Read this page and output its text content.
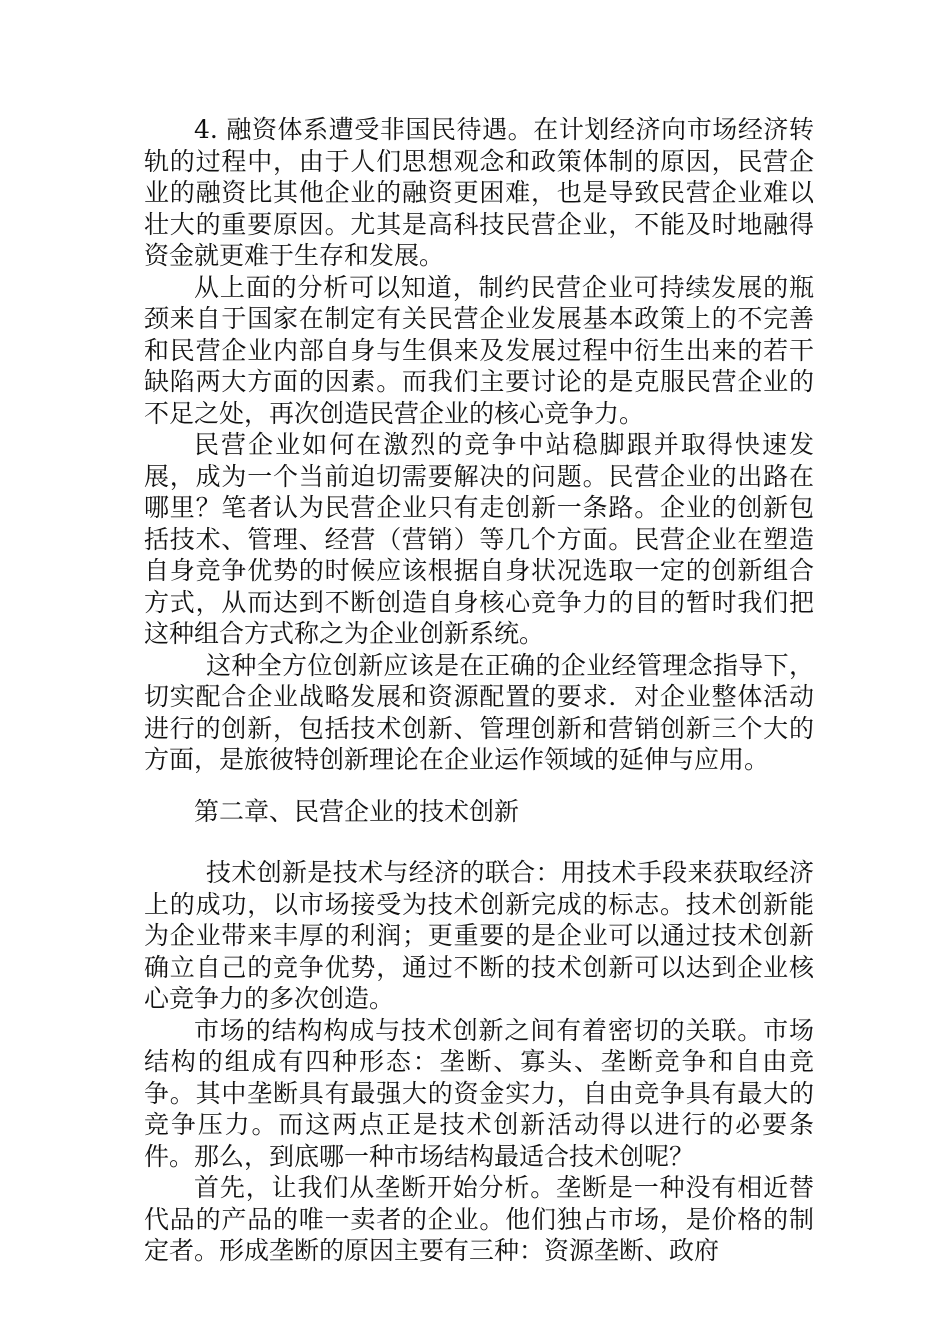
4. 融资体系遭受非国民待遇。在计划经济向市场经济转轨的过程中，由于人们思想观念和政策体制的原因，民营企业的融资比其他企业的融资更困难，也是导致民营企业难以壮大的重要原因。尤其是高科技民营企业，不能及时地融得资金就更难于生存和发展。

从上面的分析可以知道，制约民营企业可持续发展的瓶颈来自于国家在制定有关民营企业发展基本政策上的不完善和民营企业内部自身与生俱来及发展过程中衍生出来的若干缺陷两大方面的因素。而我们主要讨论的是克服民营企业的不足之处，再次创造民营企业的核心竞争力。

民营企业如何在激烈的竞争中站稳脚跟并取得快速发展，成为一个当前迫切需要解决的问题。民营企业的出路在哪里？笔者认为民营企业只有走创新一条路。企业的创新包括技术、管理、经营（营销）等几个方面。民营企业在塑造自身竞争优势的时候应该根据自身状况选取一定的创新组合方式，从而达到不断创造自身核心竞争力的目的暂时我们把这种组合方式称之为企业创新系统。

这种全方位创新应该是在正确的企业经管理念指导下，切实配合企业战略发展和资源配置的要求．对企业整体活动进行的创新，包括技术创新、管理创新和营销创新三个大的方面，是旅彼特创新理论在企业运作领域的延伸与应用。

第二章、民营企业的技术创新

技术创新是技术与经济的联合：用技术手段来获取经济上的成功，以市场接受为技术创新完成的标志。技术创新能为企业带来丰厚的利润；更重要的是企业可以通过技术创新确立自己的竞争优势，通过不断的技术创新可以达到企业核心竞争力的多次创造。

市场的结构构成与技术创新之间有着密切的关联。市场结构的组成有四种形态：垄断、寡头、垄断竞争和自由竞争。其中垄断具有最强大的资金实力，自由竞争具有最大的竞争压力。而这两点正是技术创新活动得以进行的必要条件。那么，到底哪一种市场结构最适合技术创呢？

首先，让我们从垄断开始分析。垄断是一种没有相近替代品的产品的唯一卖者的企业。他们独占市场，是价格的制定者。形成垄断的原因主要有三种：资源垄断、政府
